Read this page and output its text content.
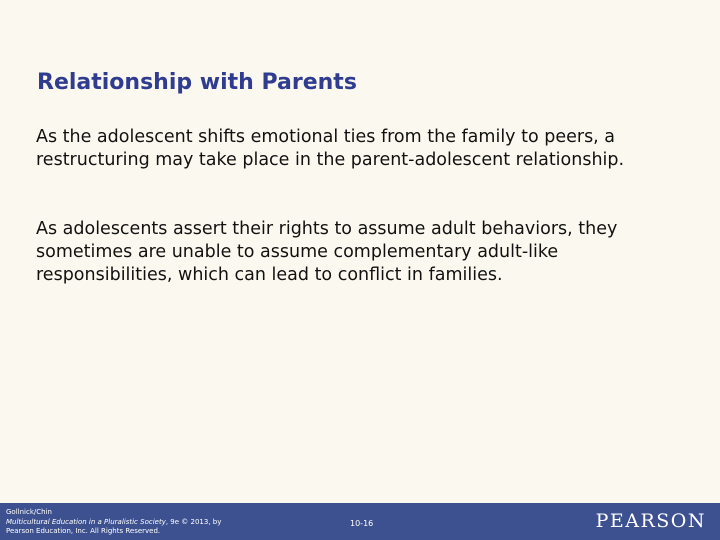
Relationship with Parents

As the adolescent shifts emotional ties from the family to peers, a restructuring may take place in the parent-adolescent relationship.

As adolescents assert their rights to assume adult behaviors, they sometimes are unable to assume complementary adult-like responsibilities, which can lead to conflict in families.

Gollnick/Chin
Multicultural Education in a Pluralistic Society, 9e © 2013, by
Pearson Education, Inc. All Rights Reserved.
10-16	PEARSON
